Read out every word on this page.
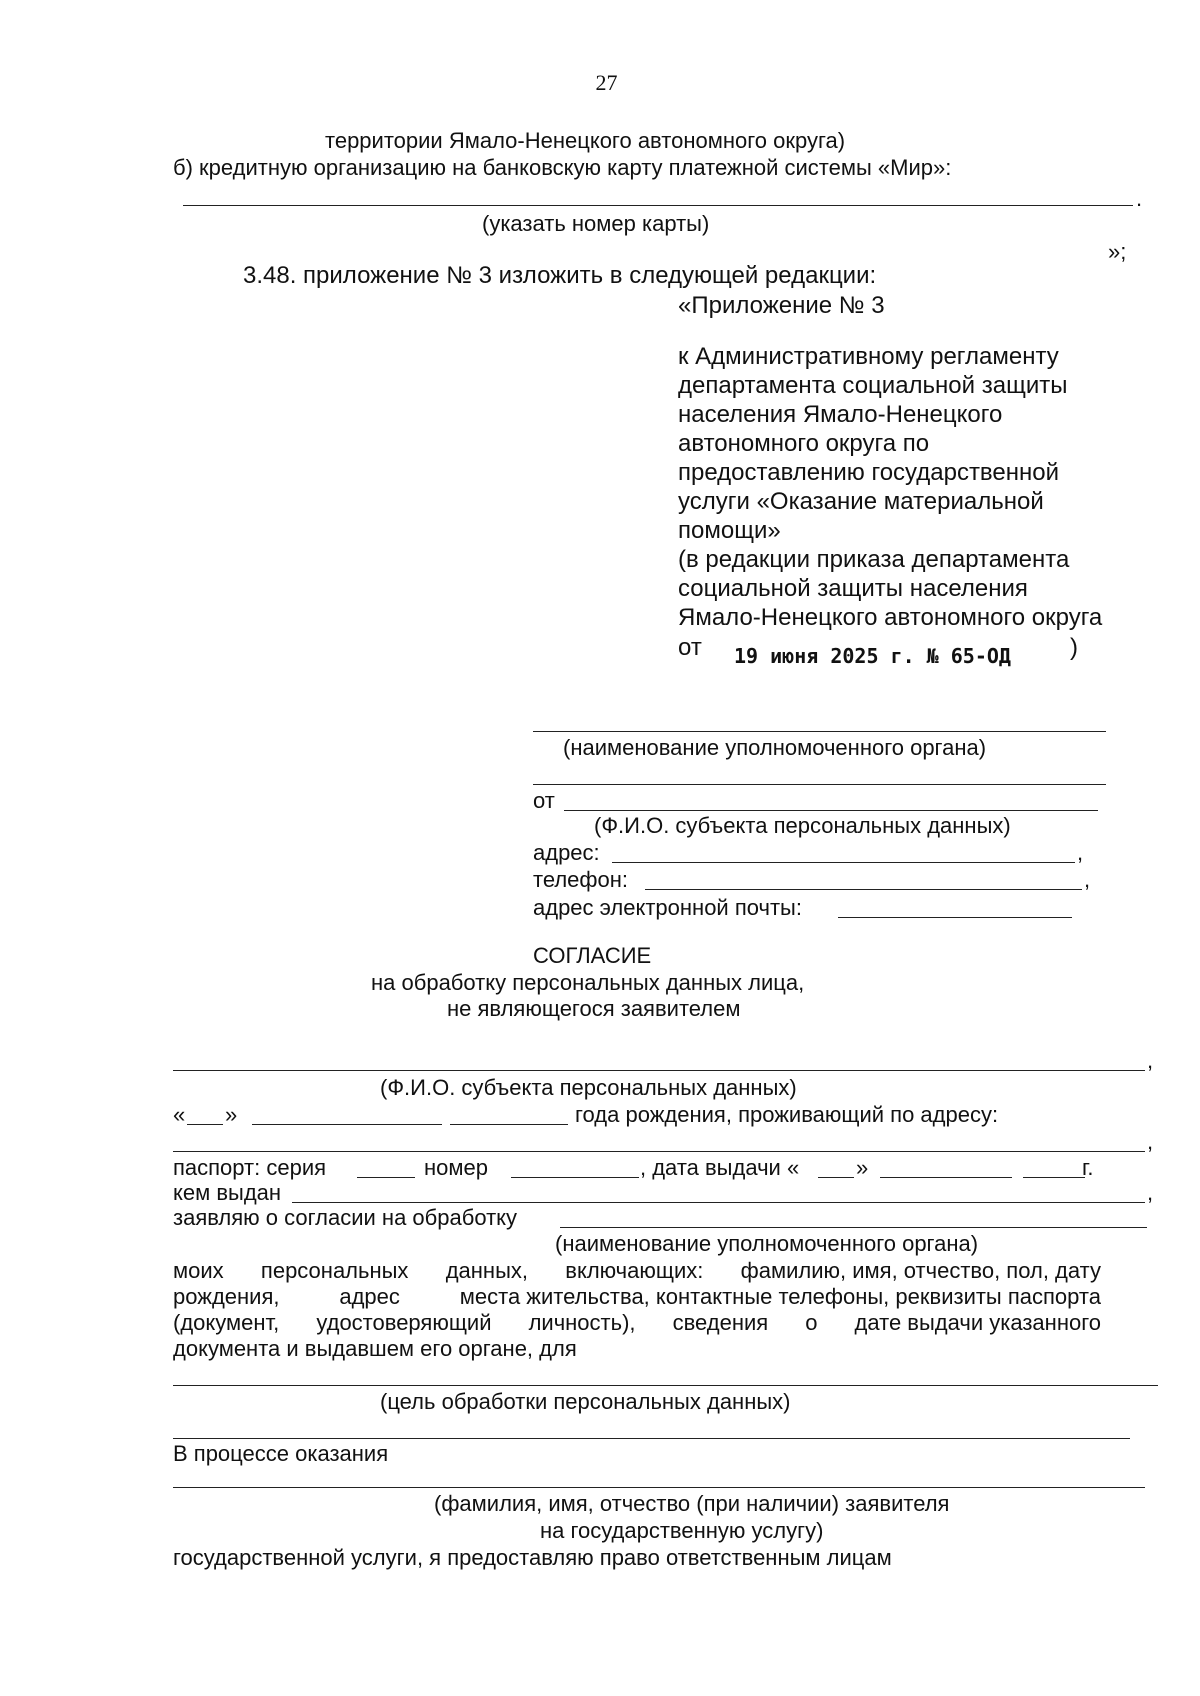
27
территории Ямало-Ненецкого автономного округа)
б) кредитную организацию на банковскую карту платежной системы «Мир»:
.
(указать номер карты)
»;
3.48. приложение № 3 изложить в следующей редакции:
«Приложение № 3
к Административному регламенту
департамента социальной защиты
населения Ямало-Ненецкого
автономного округа по
предоставлению государственной
услуги «Оказание материальной
помощи»
(в редакции приказа департамента
социальной защиты населения
Ямало-Ненецкого автономного округа
от 19 июня 2025 г. № 65-ОД )
(наименование уполномоченного органа)
от
(Ф.И.О. субъекта персональных данных)
адрес:	,
телефон:	,
адрес электронной почты:
СОГЛАСИЕ
на обработку персональных данных лица,
не являющегося заявителем
,
(Ф.И.О. субъекта персональных данных)
« »	года рождения, проживающий по адресу:
,
паспорт: серия	номер	, дата выдачи «	»	г.
кем выдан	,
заявляю о согласии на обработку
(наименование уполномоченного органа)
моих персональных данных, включающих: фамилию, имя, отчество, пол, дату
рождения,	адрес	места жительства, контактные телефоны, реквизиты паспорта
(документ, удостоверяющий личность), сведения о дате выдачи указанного
документа и выдавшем его органе, для
(цель обработки персональных данных)
В процессе оказания
(фамилия, имя, отчество (при наличии) заявителя
на государственную услугу)
государственной услуги, я предоставляю право ответственным лицам
